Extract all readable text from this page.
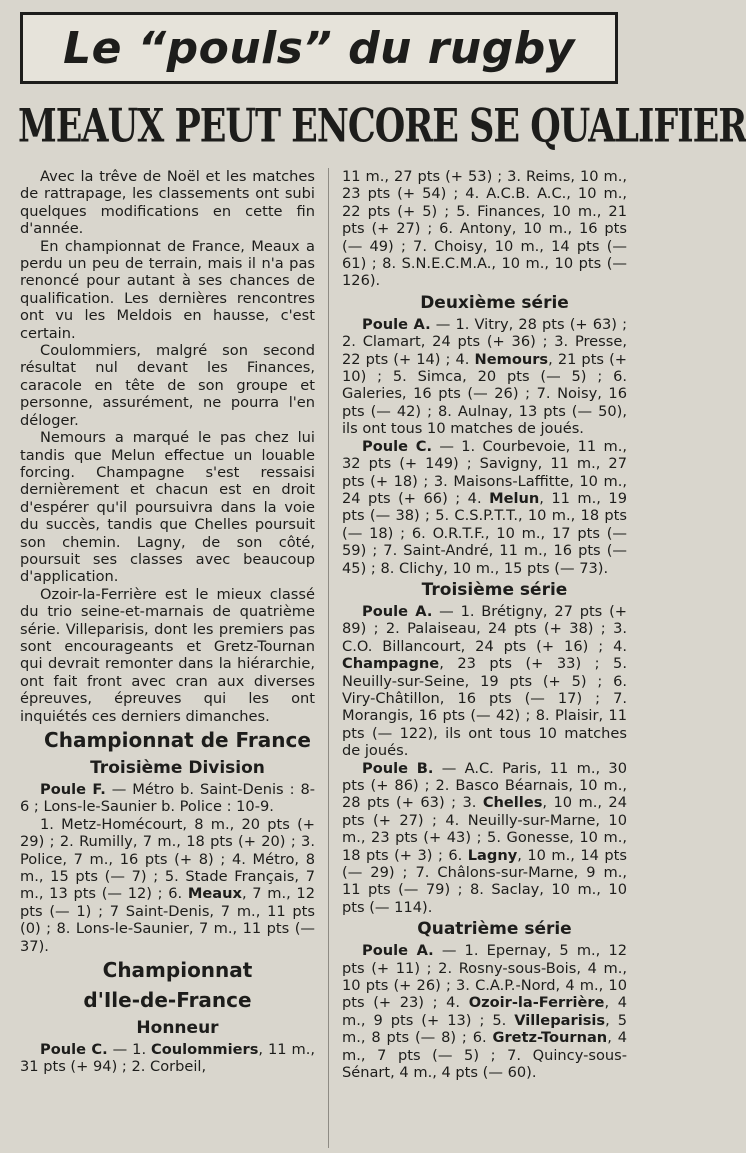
Le “pouls” du rugby
MEAUX PEUT ENCORE SE QUALIFIER

Avec la trêve de Noël et les matches de rattrapage, les classements ont subi quelques modifications en cette fin d'année.

En championnat de France, Meaux a perdu un peu de terrain, mais il n'a pas renoncé pour autant à ses chances de qualification. Les dernières rencontres ont vu les Meldois en hausse, c'est certain.

Coulommiers, malgré son second résultat nul devant les Finances, caracole en tête de son groupe et personne, assurément, ne pourra l'en déloger.

Nemours a marqué le pas chez lui tandis que Melun effectue un louable forcing. Champagne s'est ressaisi dernièrement et chacun est en droit d'espérer qu'il poursuivra dans la voie du succès, tandis que Chelles poursuit son chemin. Lagny, de son côté, poursuit ses classes avec beaucoup d'application.

Ozoir-la-Ferrière est le mieux classé du trio seine-et-marnais de quatrième série. Villeparisis, dont les premiers pas sont encourageants et Gretz-Tournan qui devrait remonter dans la hiérarchie, ont fait front avec cran aux diverses épreuves, épreuves qui les ont inquiétés ces derniers dimanches.

Championnat de France

Troisième Division

Poule F. — Métro b. Saint-Denis : 8-6 ; Lons-le-Saunier b. Police : 10-9.

1. Metz-Homécourt, 8 m., 20 pts (+ 29) ; 2. Rumilly, 7 m., 18 pts (+ 20) ; 3. Police, 7 m., 16 pts (+ 8) ; 4. Métro, 8 m., 15 pts (— 7) ; 5. Stade Français, 7 m., 13 pts (— 12) ; 6. Meaux, 7 m., 12 pts (— 1) ; 7 Saint-Denis, 7 m., 11 pts (0) ; 8. Lons-le-Saunier, 7 m., 11 pts (— 37).

Championnat
d'Ile-de-France

Honneur

Poule C. — 1. Coulommiers, 11 m., 31 pts (+ 94) ; 2. Corbeil,

11 m., 27 pts (+ 53) ; 3. Reims, 10 m., 23 pts (+ 54) ; 4. A.C.B. A.C., 10 m., 22 pts (+ 5) ; 5. Finances, 10 m., 21 pts (+ 27) ; 6. Antony, 10 m., 16 pts (— 49) ; 7. Choisy, 10 m., 14 pts (— 61) ; 8. S.N.E.C.M.A., 10 m., 10 pts (— 126).

Deuxième série

Poule A. — 1. Vitry, 28 pts (+ 63) ; 2. Clamart, 24 pts (+ 36) ; 3. Presse, 22 pts (+ 14) ; 4. Nemours, 21 pts (+ 10) ; 5. Simca, 20 pts (— 5) ; 6. Galeries, 16 pts (— 26) ; 7. Noisy, 16 pts (— 42) ; 8. Aulnay, 13 pts (— 50), ils ont tous 10 matches de joués.

Poule C. — 1. Courbevoie, 11 m., 32 pts (+ 149) ; Savigny, 11 m., 27 pts (+ 18) ; 3. Maisons-Laffitte, 10 m., 24 pts (+ 66) ; 4. Melun, 11 m., 19 pts (— 38) ; 5. C.S.P.T.T., 10 m., 18 pts (— 18) ; 6. O.R.T.F., 10 m., 17 pts (— 59) ; 7. Saint-André, 11 m., 16 pts (— 45) ; 8. Clichy, 10 m., 15 pts (— 73).

Troisième série

Poule A. — 1. Brétigny, 27 pts (+ 89) ; 2. Palaiseau, 24 pts (+ 38) ; 3. C.O. Billancourt, 24 pts (+ 16) ; 4. Champagne, 23 pts (+ 33) ; 5. Neuilly-sur-Seine, 19 pts (+ 5) ; 6. Viry-Châtillon, 16 pts (— 17) ; 7. Morangis, 16 pts (— 42) ; 8. Plaisir, 11 pts (— 122), ils ont tous 10 matches de joués.

Poule B. — A.C. Paris, 11 m., 30 pts (+ 86) ; 2. Basco Béarnais, 10 m., 28 pts (+ 63) ; 3. Chelles, 10 m., 24 pts (+ 27) ; 4. Neuilly-sur-Marne, 10 m., 23 pts (+ 43) ; 5. Gonesse, 10 m., 18 pts (+ 3) ; 6. Lagny, 10 m., 14 pts (— 29) ; 7. Châlons-sur-Marne, 9 m., 11 pts (— 79) ; 8. Saclay, 10 m., 10 pts (— 114).

Quatrième série

Poule A. — 1. Epernay, 5 m., 12 pts (+ 11) ; 2. Rosny-sous-Bois, 4 m., 10 pts (+ 26) ; 3. C.A.P.-Nord, 4 m., 10 pts (+ 23) ; 4. Ozoir-la-Ferrière, 4 m., 9 pts (+ 13) ; 5. Villeparisis, 5 m., 8 pts (— 8) ; 6. Gretz-Tournan, 4 m., 7 pts (— 5) ; 7. Quincy-sous-Sénart, 4 m., 4 pts (— 60).
